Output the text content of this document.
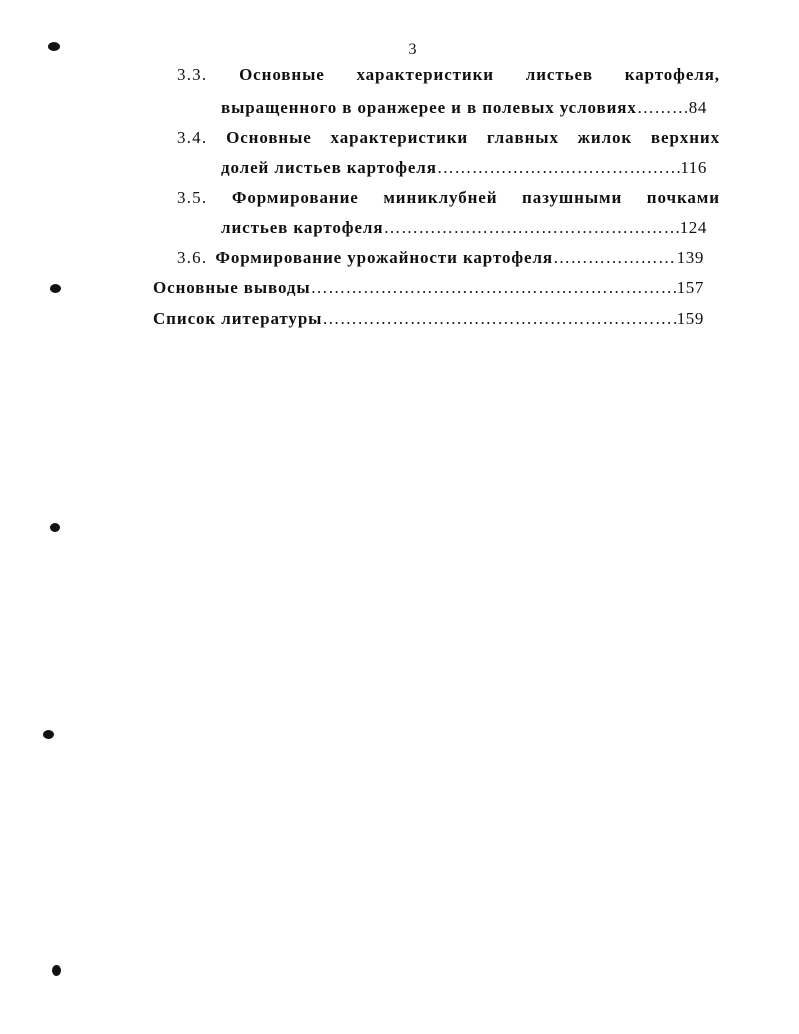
3
3.3. Основные характеристики листьев картофеля,
выращенного в оранжерее и в полевых условиях ……………………………………………………………………………………………………………………	84
3.4. Основные характеристики главных жилок верхних
долей листьев картофеля ……………………………………………………………………………………………………………………	116
3.5. Формирование миниклубней пазушными почками
листьев картофеля ……………………………………………………………………………………………………………………	124
3.6. Формирование урожайности картофеля ……………………………………………………………………………………………………………………	139
Основные выводы ……………………………………………………………………………………………………………………	157
Список литературы ……………………………………………………………………………………………………………………	159
